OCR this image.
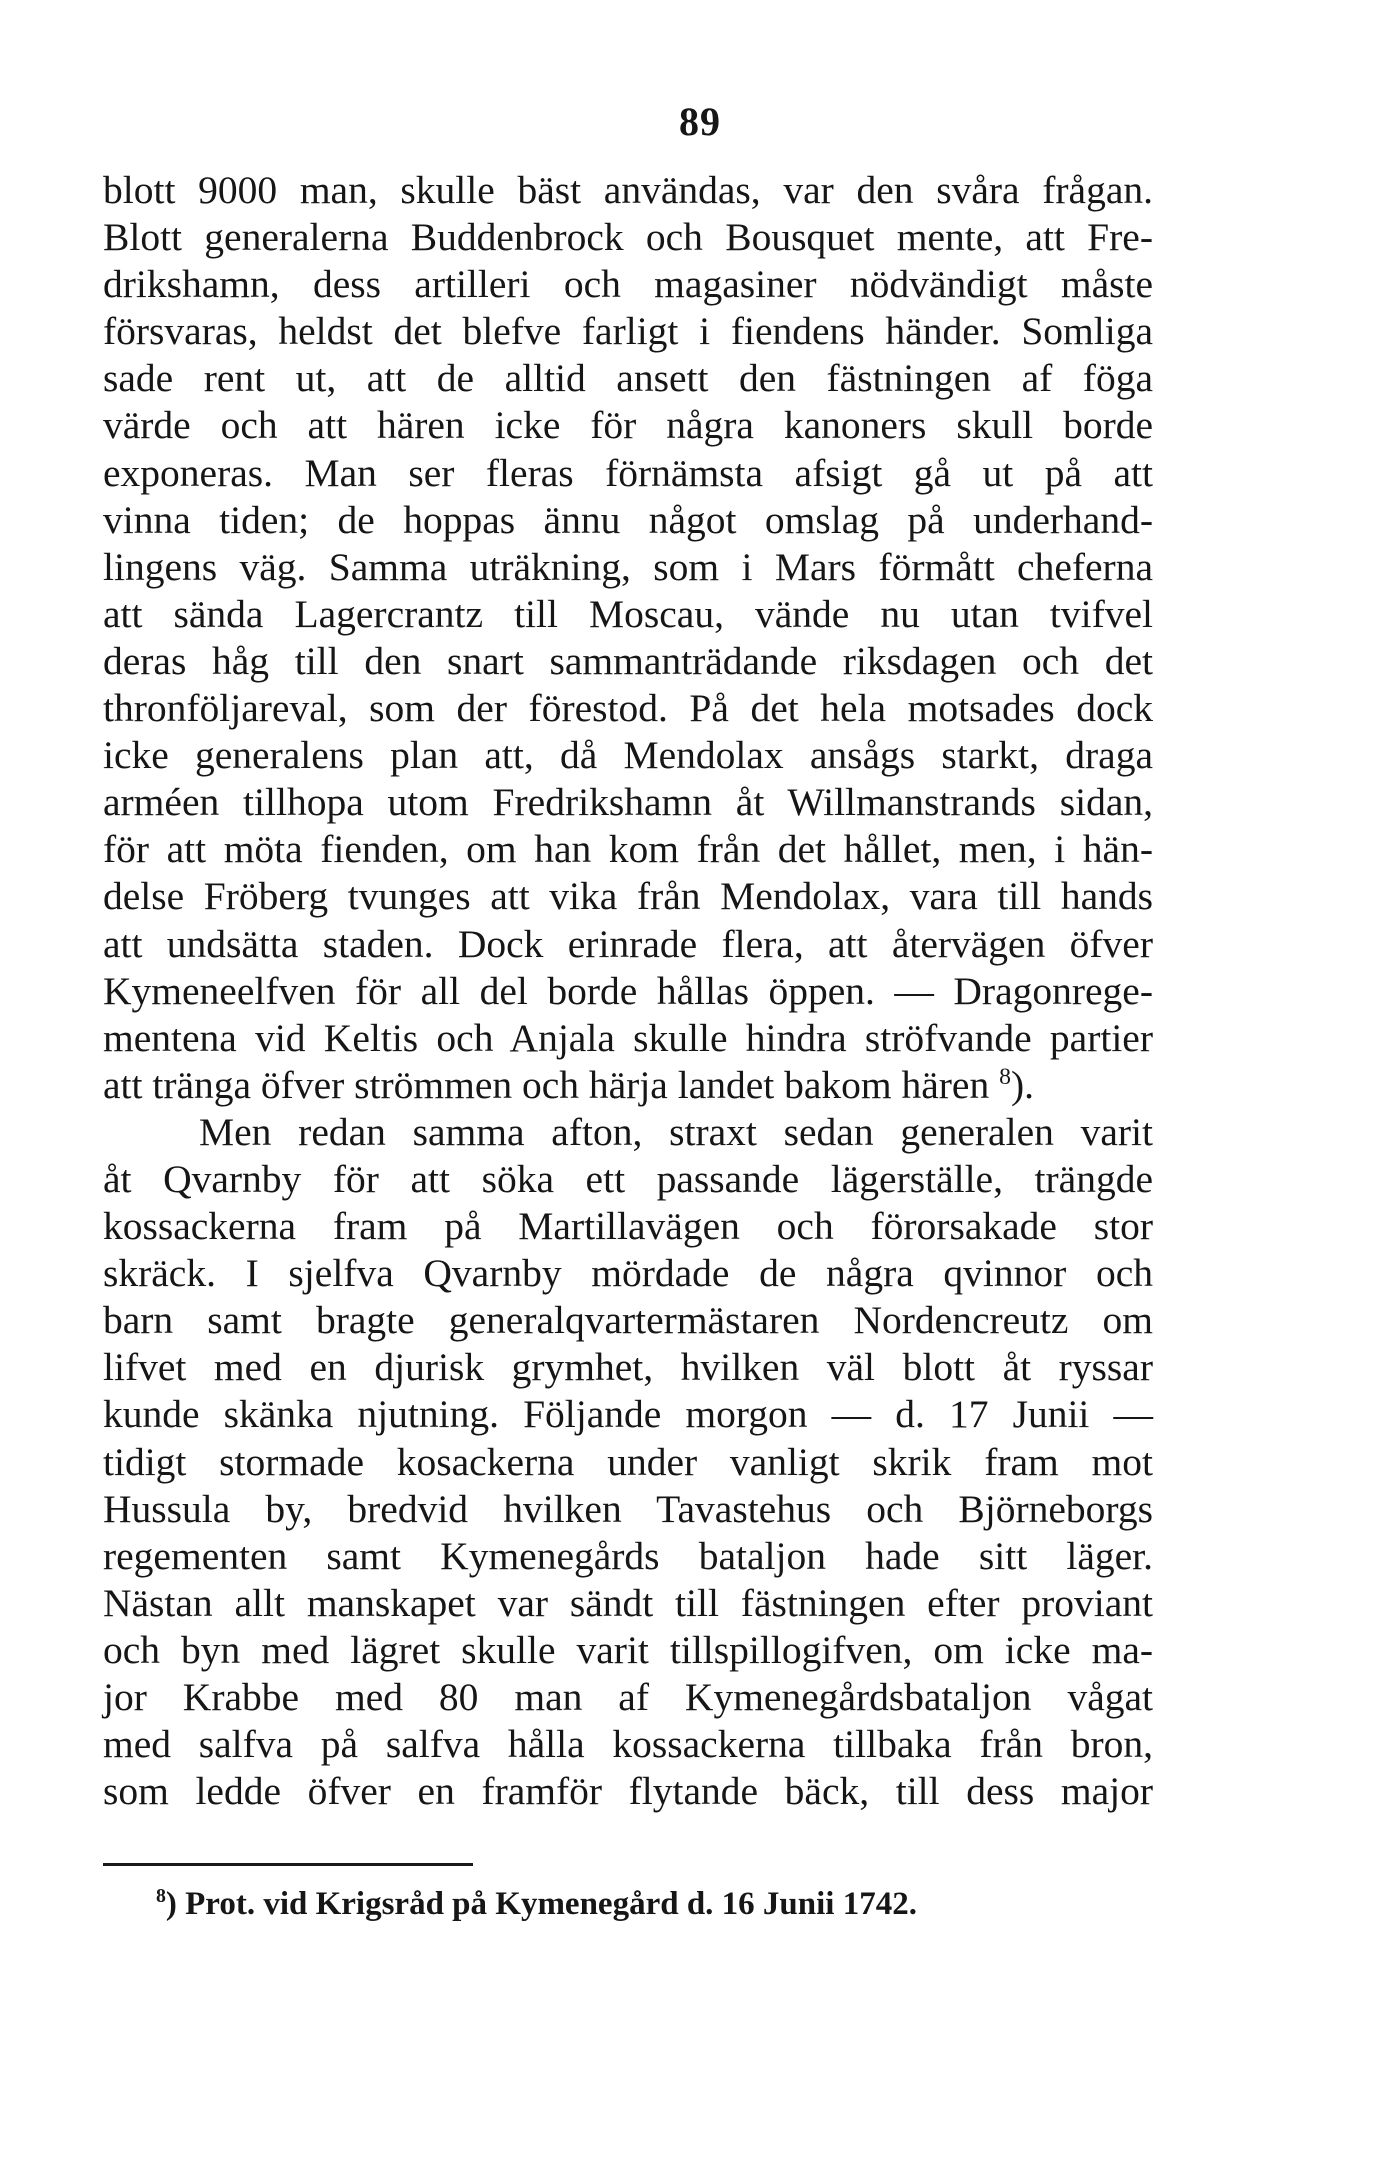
89
blott 9000 man, skulle bäst användas, var den svåra frågan.
Blott generalerna Buddenbrock och Bousquet mente, att Fre-
drikshamn, dess artilleri och magasiner nödvändigt måste
försvaras, heldst det blefve farligt i fiendens händer. Somliga
sade rent ut, att de alltid ansett den fästningen af föga
värde och att hären icke för några kanoners skull borde
exponeras. Man ser fleras förnämsta afsigt gå ut på att
vinna tiden; de hoppas ännu något omslag på underhand-
lingens väg. Samma uträkning, som i Mars förmått cheferna
att sända Lagercrantz till Moscau, vände nu utan tvifvel
deras håg till den snart sammanträdande riksdagen och det
thronföljareval, som der förestod. På det hela motsades dock
icke generalens plan att, då Mendolax ansågs starkt, draga
arméen tillhopa utom Fredrikshamn åt Willmanstrands sidan,
för att möta fienden, om han kom från det hållet, men, i hän-
delse Fröberg tvunges att vika från Mendolax, vara till hands
att undsätta staden. Dock erinrade flera, att återvägen öfver
Kymeneelfven för all del borde hållas öppen. — Dragonrege-
mentena vid Keltis och Anjala skulle hindra ströfvande partier
att tränga öfver strömmen och härja landet bakom hären $^8$).
Men redan samma afton, straxt sedan generalen varit
åt Qvarnby för att söka ett passande lägerställe, trängde
kossackerna fram på Martillavägen och förorsakade stor
skräck. I sjelfva Qvarnby mördade de några qvinnor och
barn samt bragte generalqvartermästaren Nordencreutz om
lifvet med en djurisk grymhet, hvilken väl blott åt ryssar
kunde skänka njutning. Följande morgon — d. 17 Junii —
tidigt stormade kosackerna under vanligt skrik fram mot
Hussula by, bredvid hvilken Tavastehus och Björneborgs
regementen samt Kymenegårds bataljon hade sitt läger.
Nästan allt manskapet var sändt till fästningen efter proviant
och byn med lägret skulle varit tillspillogifven, om icke ma-
jor Krabbe med 80 man af Kymenegårdsbataljon vågat
med salfva på salfva hålla kossackerna tillbaka från bron,
som ledde öfver en framför flytande bäck, till dess major
$^8$) Prot. vid Krigsråd på Kymenegård d. 16 Junii 1742.
